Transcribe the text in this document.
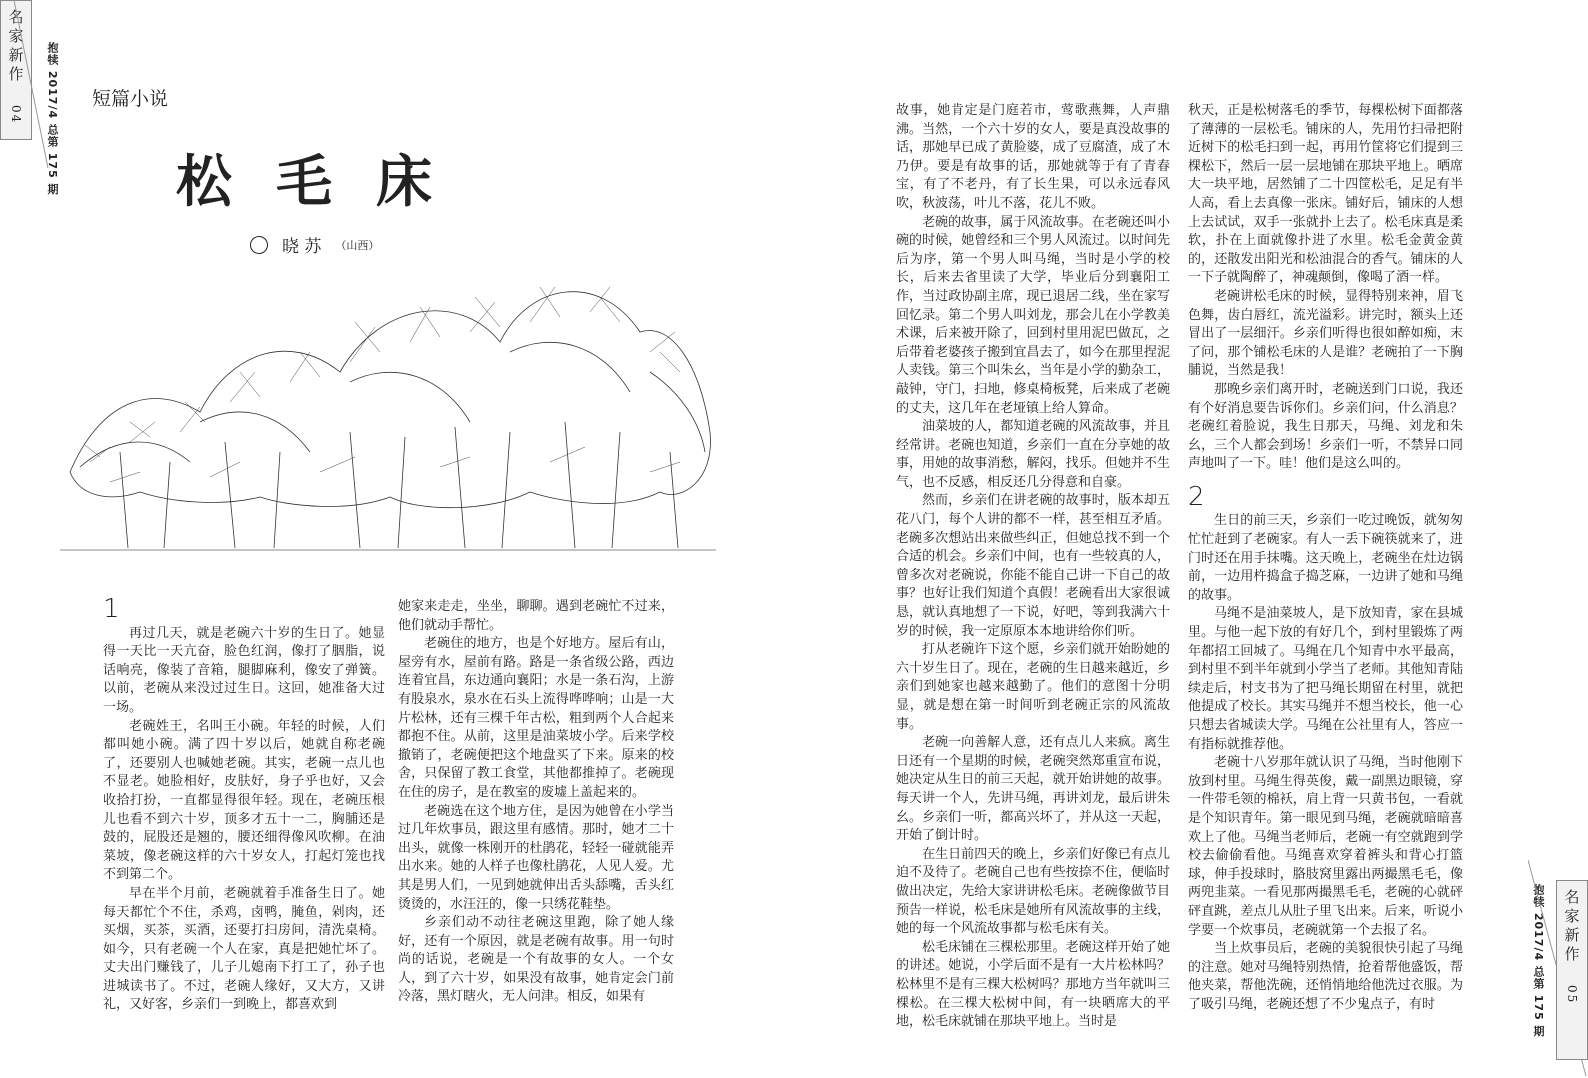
名家新作
04 抱犊 2017/4 总第 175 期 短篇小说
松毛床
晓 苏 （山西）
1

再过几天，就是老碗六十岁的生日了。她显得一天比一天亢奋，脸色红润，像打了胭脂，说话响亮，像装了音箱，腿脚麻利，像安了弹簧。以前，老碗从来没过过生日。这回，她准备大过一场。

老碗姓王，名叫王小碗。年轻的时候，人们都叫她小碗。满了四十岁以后，她就自称老碗了，还要别人也喊她老碗。其实，老碗一点儿也不显老。她脸相好，皮肤好，身子乎也好，又会收拾打扮，一直都显得很年轻。现在，老碗压根儿也看不到六十岁，顶多才五十一二，胸脯还是鼓的，屁股还是翘的，腰还细得像风吹柳。在油菜坡，像老碗这样的六十岁女人，打起灯笼也找不到第二个。

早在半个月前，老碗就着手准备生日了。她每天都忙个不住，杀鸡，卤鸭，腌鱼，剁肉，还买烟，买茶，买酒，还要打扫房间，清洗桌椅。如今，只有老碗一个人在家，真是把她忙坏了。丈夫出门赚钱了，儿子儿媳南下打工了，孙子也进城读书了。不过，老碗人缘好，又大方，又讲礼，又好客，乡亲们一到晚上，都喜欢到

她家来走走，坐坐，聊聊。遇到老碗忙不过来，他们就动手帮忙。

老碗住的地方，也是个好地方。屋后有山，屋旁有水，屋前有路。路是一条省级公路，西边连着宜昌，东边通向襄阳；水是一条石沟，上游有股泉水，泉水在石头上流得哗哗响；山是一大片松林，还有三棵千年古松，粗到两个人合起来都抱不住。从前，这里是油菜坡小学。后来学校撤销了，老碗便把这个地盘买了下来。原来的校舍，只保留了教工食堂，其他都推掉了。老碗现在住的房子，是在教室的废墟上盖起来的。

老碗选在这个地方住，是因为她曾在小学当过几年炊事员，跟这里有感情。那时，她才二十出头，就像一株刚开的杜鹃花，轻轻一碰就能弄出水来。她的人样子也像杜鹃花，人见人爱。尤其是男人们，一见到她就伸出舌头舔嘴，舌头红烫烫的，水汪汪的，像一只绣花鞋垫。

乡亲们动不动往老碗这里跑，除了她人缘好，还有一个原因，就是老碗有故事。用一句时尚的话说，老碗是一个有故事的女人。一个女人，到了六十岁，如果没有故事，她肯定会门前冷落，黑灯瞎火，无人问津。相反，如果有

故事，她肯定是门庭若市，莺歌燕舞，人声鼎沸。当然，一个六十岁的女人，要是真没故事的话，那她早已成了黄脸婆，成了豆腐渣，成了木乃伊。要是有故事的话，那她就等于有了青春宝，有了不老丹，有了长生果，可以永远春风吹，秋波荡，叶儿不落，花儿不败。

老碗的故事，属于风流故事。在老碗还叫小碗的时候，她曾经和三个男人风流过。以时间先后为序，第一个男人叫马绳，当时是小学的校长，后来去省里读了大学，毕业后分到襄阳工作，当过政协副主席，现已退居二线，坐在家写回忆录。第二个男人叫刘龙，那会儿在小学教美术课，后来被开除了，回到村里用泥巴做瓦，之后带着老婆孩子搬到宜昌去了，如今在那里捏泥人卖钱。第三个叫朱幺，当年是小学的勤杂工，敲钟，守门，扫地，修桌椅板凳，后来成了老碗的丈夫，这几年在老垭镇上给人算命。

油菜坡的人，都知道老碗的风流故事，并且经常讲。老碗也知道，乡亲们一直在分享她的故事，用她的故事消愁，解闷，找乐。但她并不生气，也不反感，相反还几分得意和自豪。

然而，乡亲们在讲老碗的故事时，版本却五花八门，每个人讲的都不一样，甚至相互矛盾。老碗多次想站出来做些纠正，但她总找不到一个合适的机会。乡亲们中间，也有一些较真的人，曾多次对老碗说，你能不能自己讲一下自己的故事？也好让我们知道个真假！老碗看出大家很诚恳，就认真地想了一下说，好吧，等到我满六十岁的时候，我一定原原本本地讲给你们听。

打从老碗许下这个愿，乡亲们就开始盼她的六十岁生日了。现在，老碗的生日越来越近，乡亲们到她家也越来越勤了。他们的意图十分明显，就是想在第一时间听到老碗正宗的风流故事。

老碗一向善解人意，还有点儿人来疯。离生日还有一个星期的时候，老碗突然郑重宣布说，她决定从生日的前三天起，就开始讲她的故事。每天讲一个人，先讲马绳，再讲刘龙，最后讲朱幺。乡亲们一听，都高兴坏了，并从这一天起，开始了倒计时。

在生日前四天的晚上，乡亲们好像已有点儿迫不及待了。老碗自己也有些按捺不住，便临时做出决定，先给大家讲讲松毛床。老碗像做节目预告一样说，松毛床是她所有风流故事的主线，她的每一个风流故事都与松毛床有关。

松毛床铺在三棵松那里。老碗这样开始了她的讲述。她说，小学后面不是有一大片松林吗？松林里不是有三棵大松树吗？那地方当年就叫三棵松。在三棵大松树中间，有一块晒席大的平地，松毛床就铺在那块平地上。当时是

秋天，正是松树落毛的季节，每棵松树下面都落了薄薄的一层松毛。铺床的人，先用竹扫帚把附近树下的松毛扫到一起，再用竹筐将它们提到三棵松下，然后一层一层地铺在那块平地上。晒席大一块平地，居然铺了二十四筐松毛，足足有半人高，看上去真像一张床。铺好后，铺床的人想上去试试，双手一张就扑上去了。松毛床真是柔软，扑在上面就像扑进了水里。松毛金黄金黄的，还散发出阳光和松油混合的香气。铺床的人一下子就陶醉了，神魂颠倒，像喝了酒一样。

老碗讲松毛床的时候，显得特别来神，眉飞色舞，齿白唇红，流光溢彩。讲完时，额头上还冒出了一层细汗。乡亲们听得也很如醉如痴，末了问，那个铺松毛床的人是谁？老碗拍了一下胸脯说，当然是我！

那晚乡亲们离开时，老碗送到门口说，我还有个好消息要告诉你们。乡亲们问，什么消息？老碗红着脸说，我生日那天，马绳、刘龙和朱幺，三个人都会到场！乡亲们一听，不禁异口同声地叫了一下。哇！他们是这么叫的。

2

生日的前三天，乡亲们一吃过晚饭，就匆匆忙忙赶到了老碗家。有人一丢下碗筷就来了，进门时还在用手抹嘴。这天晚上，老碗坐在灶边锅前，一边用杵捣盒子捣芝麻，一边讲了她和马绳的故事。

马绳不是油菜坡人，是下放知青，家在县城里。与他一起下放的有好几个，到村里锻炼了两年都招工回城了。马绳在几个知青中水平最高，到村里不到半年就到小学当了老师。其他知青陆续走后，村支书为了把马绳长期留在村里，就把他提成了校长。其实马绳并不想当校长，他一心只想去省城读大学。马绳在公社里有人，答应一有指标就推荐他。

老碗十八岁那年就认识了马绳，当时他刚下放到村里。马绳生得英俊，戴一副黑边眼镜，穿一件带毛领的棉袄，肩上背一只黄书包，一看就是个知识青年。第一眼见到马绳，老碗就暗暗喜欢上了他。马绳当老师后，老碗一有空就跑到学校去偷偷看他。马绳喜欢穿着裤头和背心打篮球，伸手投球时，胳肢窝里露出两撮黑毛毛，像两兜韭菜。一看见那两撮黑毛毛，老碗的心就砰砰直跳，差点儿从肚子里飞出来。后来，听说小学要一个炊事员，老碗就第一个去报了名。

当上炊事员后，老碗的美貌很快引起了马绳的注意。她对马绳特别热情，抢着帮他盛饭，帮他夹菜，帮他洗碗，还悄悄地给他洗过衣服。为了吸引马绳，老碗还想了不少鬼点子，有时	抱犊 2017/4 总第 175 期 名家新作
05
